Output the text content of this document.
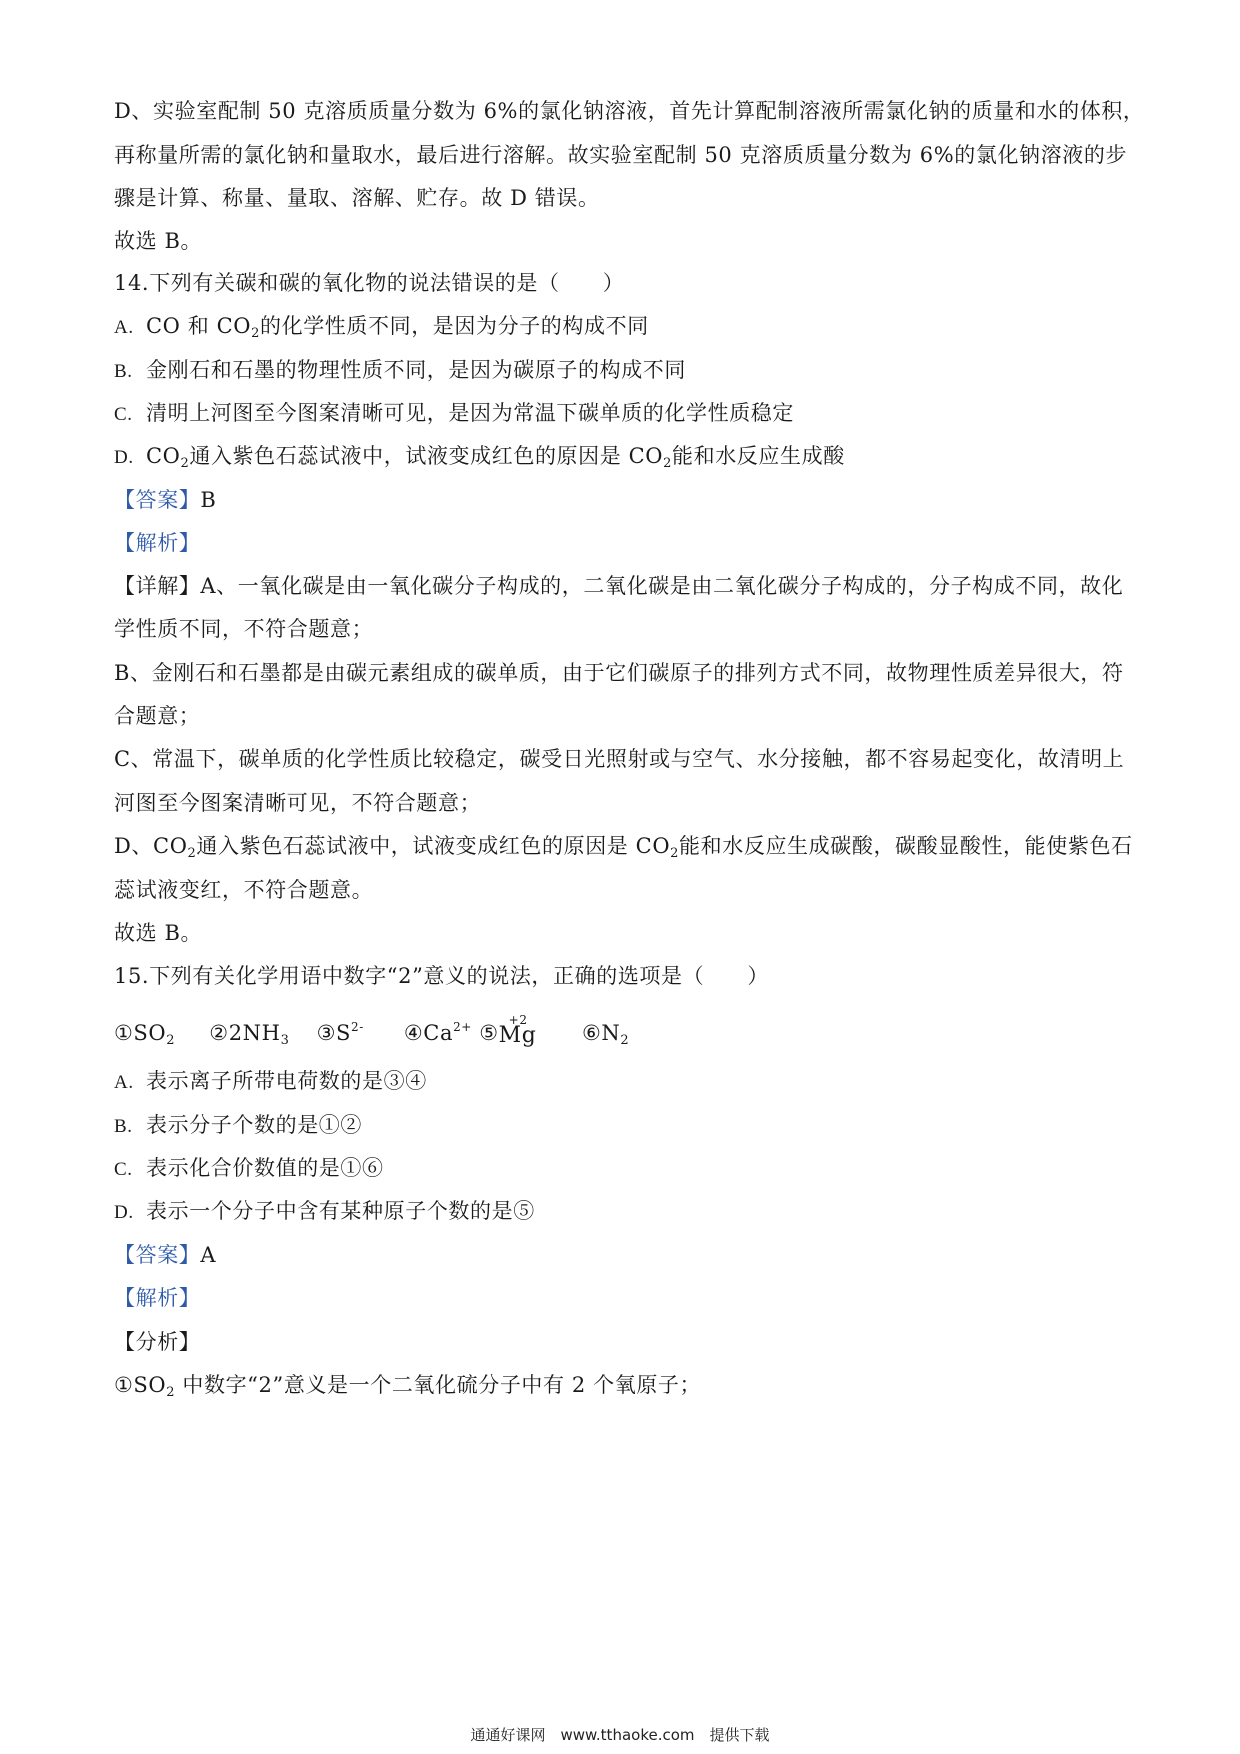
D、实验室配制 50 克溶质质量分数为 6%的氯化钠溶液，首先计算配制溶液所需氯化钠的质量和水的体积，
再称量所需的氯化钠和量取水，最后进行溶解。故实验室配制 50 克溶质质量分数为 6%的氯化钠溶液的步
骤是计算、称量、量取、溶解、贮存。故 D 错误。
故选 B。
14.下列有关碳和碳的氧化物的说法错误的是（　　）
A. CO 和 $CO_2$的化学性质不同，是因为分子的构成不同
B. 金刚石和石墨的物理性质不同，是因为碳原子的构成不同
C. 清明上河图至今图案清晰可见，是因为常温下碳单质的化学性质稳定
D. $CO_2$通入紫色石蕊试液中，试液变成红色的原因是 $CO_2$能和水反应生成酸
【答案】B
【解析】
【详解】A、一氧化碳是由一氧化碳分子构成的，二氧化碳是由二氧化碳分子构成的，分子构成不同，故化
学性质不同，不符合题意；
B、金刚石和石墨都是由碳元素组成的碳单质，由于它们碳原子的排列方式不同，故物理性质差异很大，符
合题意；
C、常温下，碳单质的化学性质比较稳定，碳受日光照射或与空气、水分接触，都不容易起变化，故清明上
河图至今图案清晰可见，不符合题意；
D、$CO_2$通入紫色石蕊试液中，试液变成红色的原因是 $CO_2$能和水反应生成碳酸，碳酸显酸性，能使紫色石
蕊试液变红，不符合题意。
故选 B。
15.下列有关化学用语中数字“2”意义的说法，正确的选项是（　　）
①SO2 ②2NH3 ③S2- ④Ca2+ ⑤
+2
Mg ⑥N2
A. 表示离子所带电荷数的是③④
B. 表示分子个数的是①②
C. 表示化合价数值的是①⑥
D. 表示一个分子中含有某种原子个数的是⑤
【答案】A
【解析】
【分析】
$①SO_2$ 中数字“2”意义是一个二氧化硫分子中有 2 个氧原子；
通通好课网　www.tthaoke.com　提供下载
